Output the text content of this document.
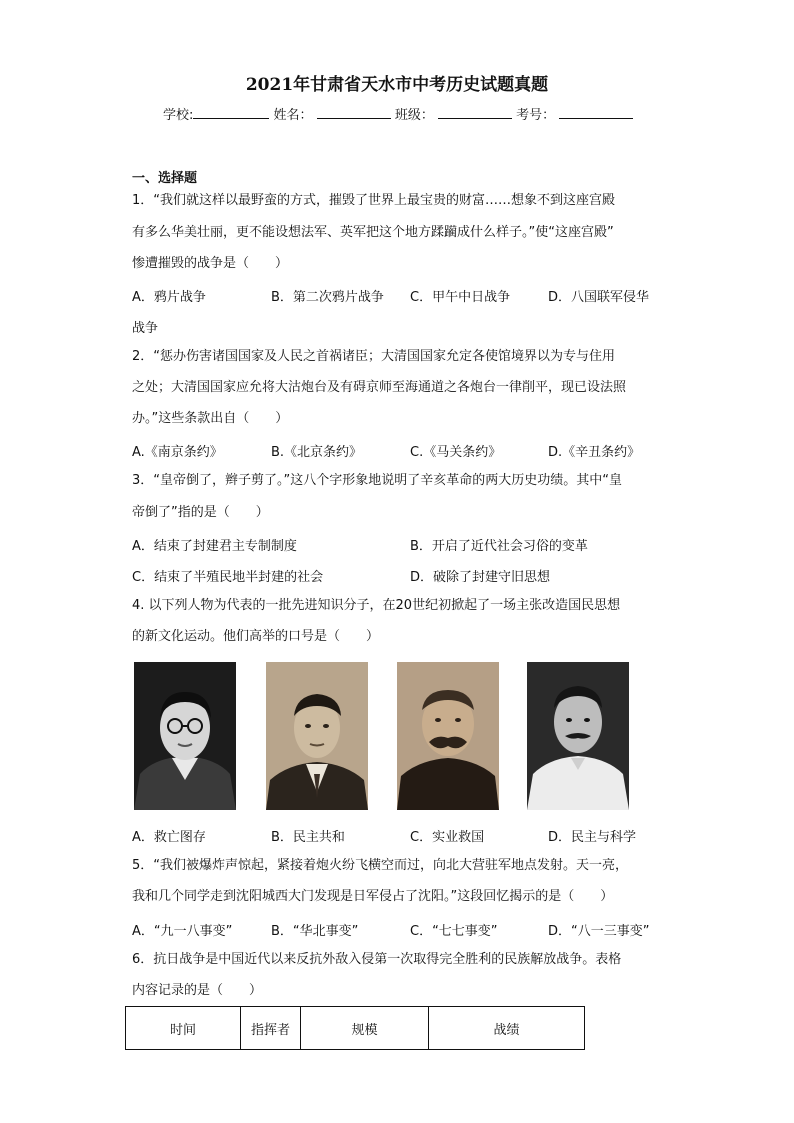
2021年甘肃省天水市中考历史试题真题
学校:	姓名：	班级：	考号：
一、选择题
1．“我们就这样以最野蛮的方式，摧毁了世界上最宝贵的财富……想象不到这座宫殿
有多么华美壮丽，更不能设想法军、英军把这个地方蹂躏成什么样子。”使“这座宫殿”
惨遭摧毁的战争是（　　）
A．鸦片战争	B．第二次鸦片战争 C．甲午中日战争	D．八国联军侵华
战争
2．“惩办伤害诸国国家及人民之首祸诸臣；大清国国家允定各使馆境界以为专与住用
之处；大清国国家应允将大沽炮台及有碍京师至海通道之各炮台一律削平，现已设法照
办。”这些条款出自（　　）
A.《南京条约》	B.《北京条约》	C.《马关条约》	D.《辛丑条约》
3．“皇帝倒了，辫子剪了。”这八个字形象地说明了辛亥革命的两大历史功绩。其中“皇
帝倒了”指的是（　　）
A．结束了封建君主专制制度	B．开启了近代社会习俗的变革
C．结束了半殖民地半封建的社会	D．破除了封建守旧思想
4. 以下列人物为代表的一批先进知识分子，在20世纪初掀起了一场主张改造国民思想
的新文化运动。他们高举的口号是（　　）
A．救亡图存	B．民主共和	C．实业救国	D．民主与科学
5．“我们被爆炸声惊起，紧接着炮火纷飞横空而过，向北大营驻军地点发射。天一亮，
我和几个同学走到沈阳城西大门发现是日军侵占了沈阳。”这段回忆揭示的是（　　）
A．“九一八事变”	B．“华北事变”	C．“七七事变”	D．“八一三事变”
6．抗日战争是中国近代以来反抗外敌入侵第一次取得完全胜利的民族解放战争。表格
内容记录的是（　　）
时间	指挥者	规模	战绩
